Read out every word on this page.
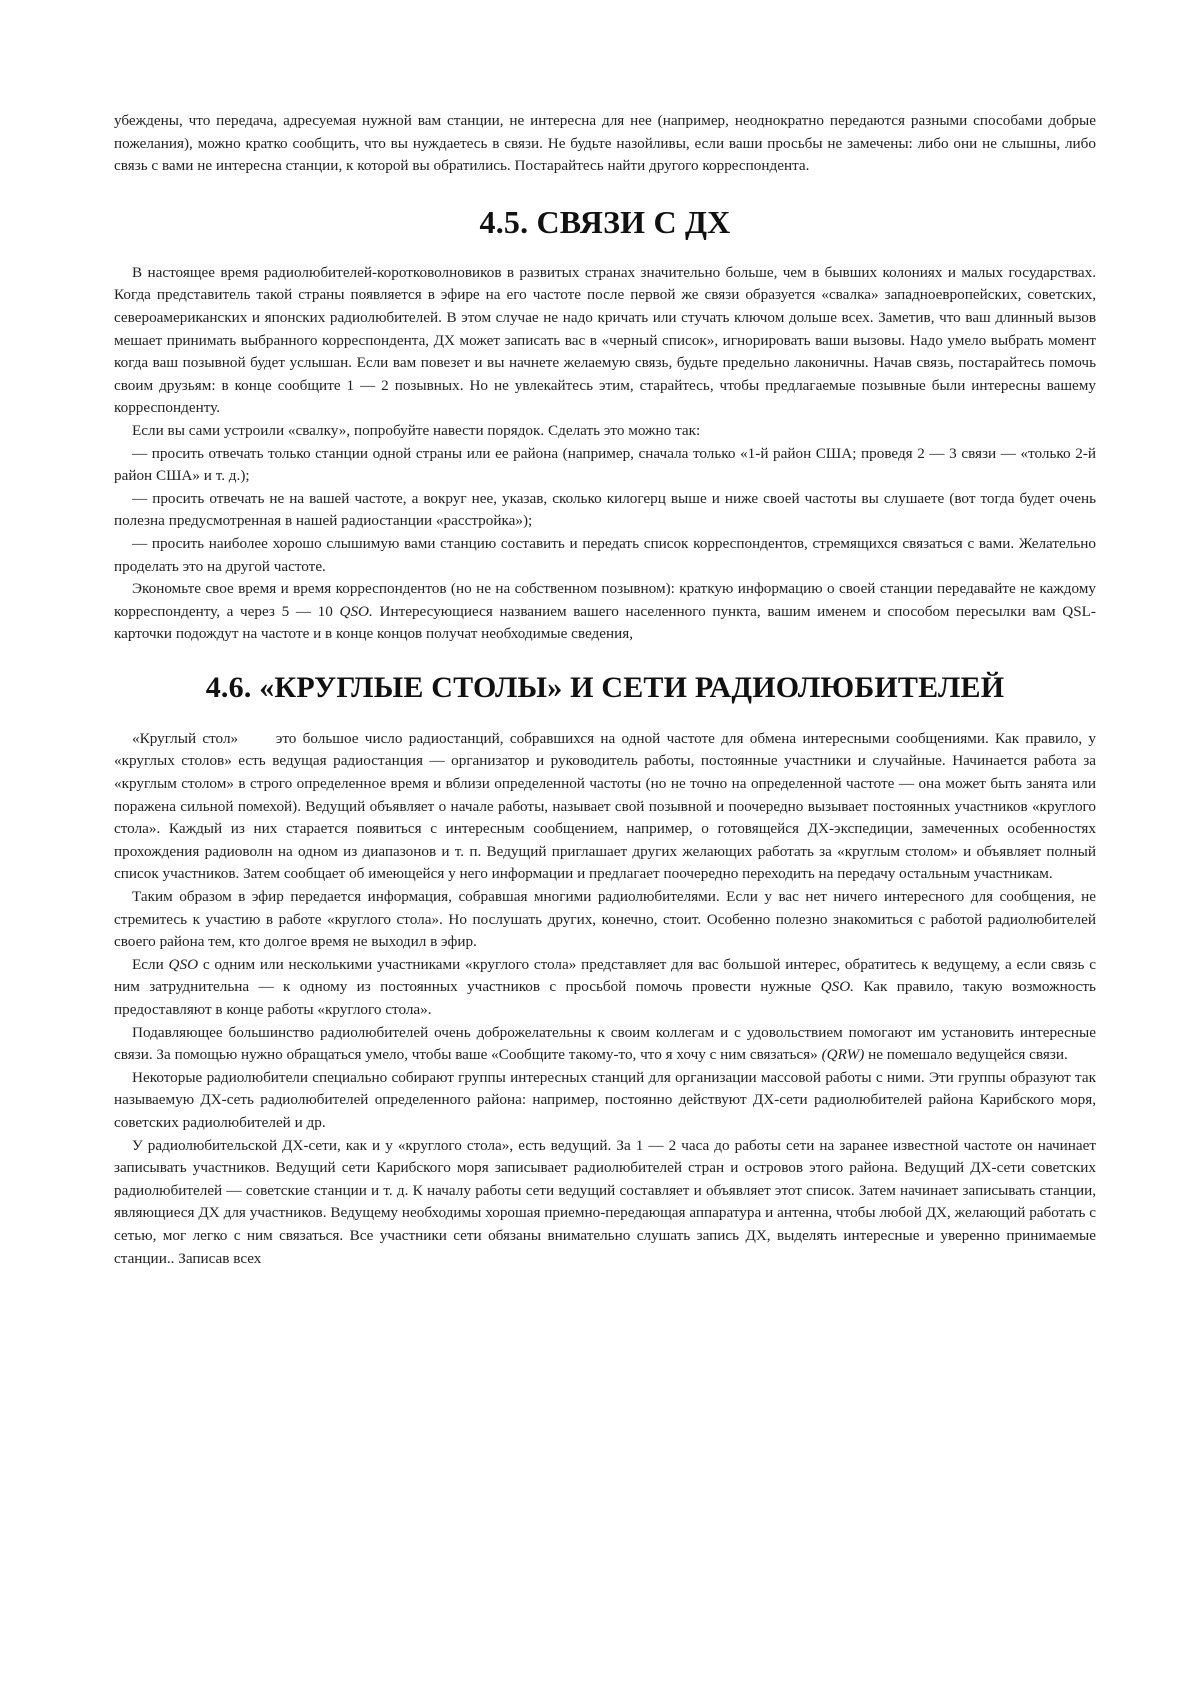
убеждены, что передача, адресуемая нужной вам станции, не интересна для нее (например, неоднократно передаются разными способами добрые пожелания), можно кратко сообщить, что вы нуждаетесь в связи. Не будьте назойливы, если ваши просьбы не замечены: либо они не слышны, либо связь с вами не интересна станции, к которой вы обратились. Постарайтесь найти другого корреспондента.

4.5. СВЯЗИ С ДХ

В настоящее время радиолюбителей-коротковолновиков в развитых странах значительно больше, чем в бывших колониях и малых государствах. Когда представитель такой страны появляется в эфире на его частоте после первой же связи образуется «свалка» западноевропейских, советских, североамериканских и японских радиолюбителей. В этом случае не надо кричать или стучать ключом дольше всех. Заметив, что ваш длинный вызов мешает принимать выбранного корреспондента, ДХ может записать вас в «черный список», игнорировать ваши вызовы. Надо умело выбрать момент когда ваш позывной будет услышан. Если вам повезет и вы начнете желаемую связь, будьте предельно лаконичны. Начав связь, постарайтесь помочь своим друзьям: в конце сообщите 1 — 2 позывных. Но не увлекайтесь этим, старайтесь, чтобы предлагаемые позывные были интересны вашему корреспонденту.

Если вы сами устроили «свалку», попробуйте навести порядок. Сделать это можно так:

— просить отвечать только станции одной страны или ее района (например, сначала только «1-й район США; проведя 2 — 3 связи — «только 2-й район США» и т. д.);

— просить отвечать не на вашей частоте, а вокруг нее, указав, сколько килогерц выше и ниже своей частоты вы слушаете (вот тогда будет очень полезна предусмотренная в нашей радиостанции «расстройка»);

— просить наиболее хорошо слышимую вами станцию составить и передать список корреспондентов, стремящихся связаться с вами. Желательно проделать это на другой частоте.

Экономьте свое время и время корреспондентов (но не на собственном позывном): краткую информацию о своей станции передавайте не каждому корреспонденту, а через 5 — 10 QSO. Интересующиеся названием вашего населенного пункта, вашим именем и способом пересылки вам QSL-карточки подождут на частоте и в конце концов получат необходимые сведения,

4.6. «КРУГЛЫЕ СТОЛЫ» И СЕТИ РАДИОЛЮБИТЕЛЕЙ

«Круглый стол»      это большое число радиостанций, собравшихся на одной частоте для обмена интересными сообщениями. Как правило, у «круглых столов» есть ведущая радиостанция — организатор и руководитель работы, постоянные участники и случайные. Начинается работа за «круглым столом» в строго определенное время и вблизи определенной частоты (но не точно на определенной частоте — она может быть занята или поражена сильной помехой). Ведущий объявляет о начале работы, называет свой позывной и поочередно вызывает постоянных участников «круглого стола». Каждый из них старается появиться с интересным сообщением, например, о готовящейся ДХ-экспедиции, замеченных особенностях прохождения радиоволн на одном из диапазонов и т. п. Ведущий приглашает других желающих работать за «круглым столом» и объявляет полный список участников. Затем сообщает об имеющейся у него информации и предлагает поочередно переходить на передачу остальным участникам.

Таким образом в эфир передается информация, собравшая многими радиолюбителями. Если у вас нет ничего интересного для сообщения, не стремитесь к участию в работе «круглого стола». Но послушать других, конечно, стоит. Особенно полезно знакомиться с работой радиолюбителей своего района тем, кто долгое время не выходил в эфир.

Если QSO с одним или несколькими участниками «круглого стола» представляет для вас большой интерес, обратитесь к ведущему, а если связь с ним затруднительна — к одному из постоянных участников с просьбой помочь провести нужные QSO. Как правило, такую возможность предоставляют в конце работы «круглого стола».

Подавляющее большинство радиолюбителей очень доброжелательны к своим коллегам и с удовольствием помогают им установить интересные связи. За помощью нужно обращаться умело, чтобы ваше «Сообщите такому-то, что я хочу с ним связаться» (QRW) не помешало ведущейся связи.

Некоторые радиолюбители специально собирают группы интересных станций для организации массовой работы с ними. Эти группы образуют так называемую ДХ-сеть радиолюбителей определенного района: например, постоянно действуют ДХ-сети радиолюбителей района Карибского моря, советских радиолюбителей и др.

У радиолюбительской ДХ-сети, как и у «круглого стола», есть ведущий. За 1 — 2 часа до работы сети на заранее известной частоте он начинает записывать участников. Ведущий сети Карибского моря записывает радиолюбителей стран и островов этого района. Ведущий ДХ-сети советских радиолюбителей — советские станции и т. д. К началу работы сети ведущий составляет и объявляет этот список. Затем начинает записывать станции, являющиеся ДХ для участников. Ведущему необходимы хорошая приемно-передающая аппаратура и антенна, чтобы любой ДХ, желающий работать с сетью, мог легко с ним связаться. Все участники сети обязаны внимательно слушать запись ДХ, выделять интересные и уверенно принимаемые станции.. Записав всех
